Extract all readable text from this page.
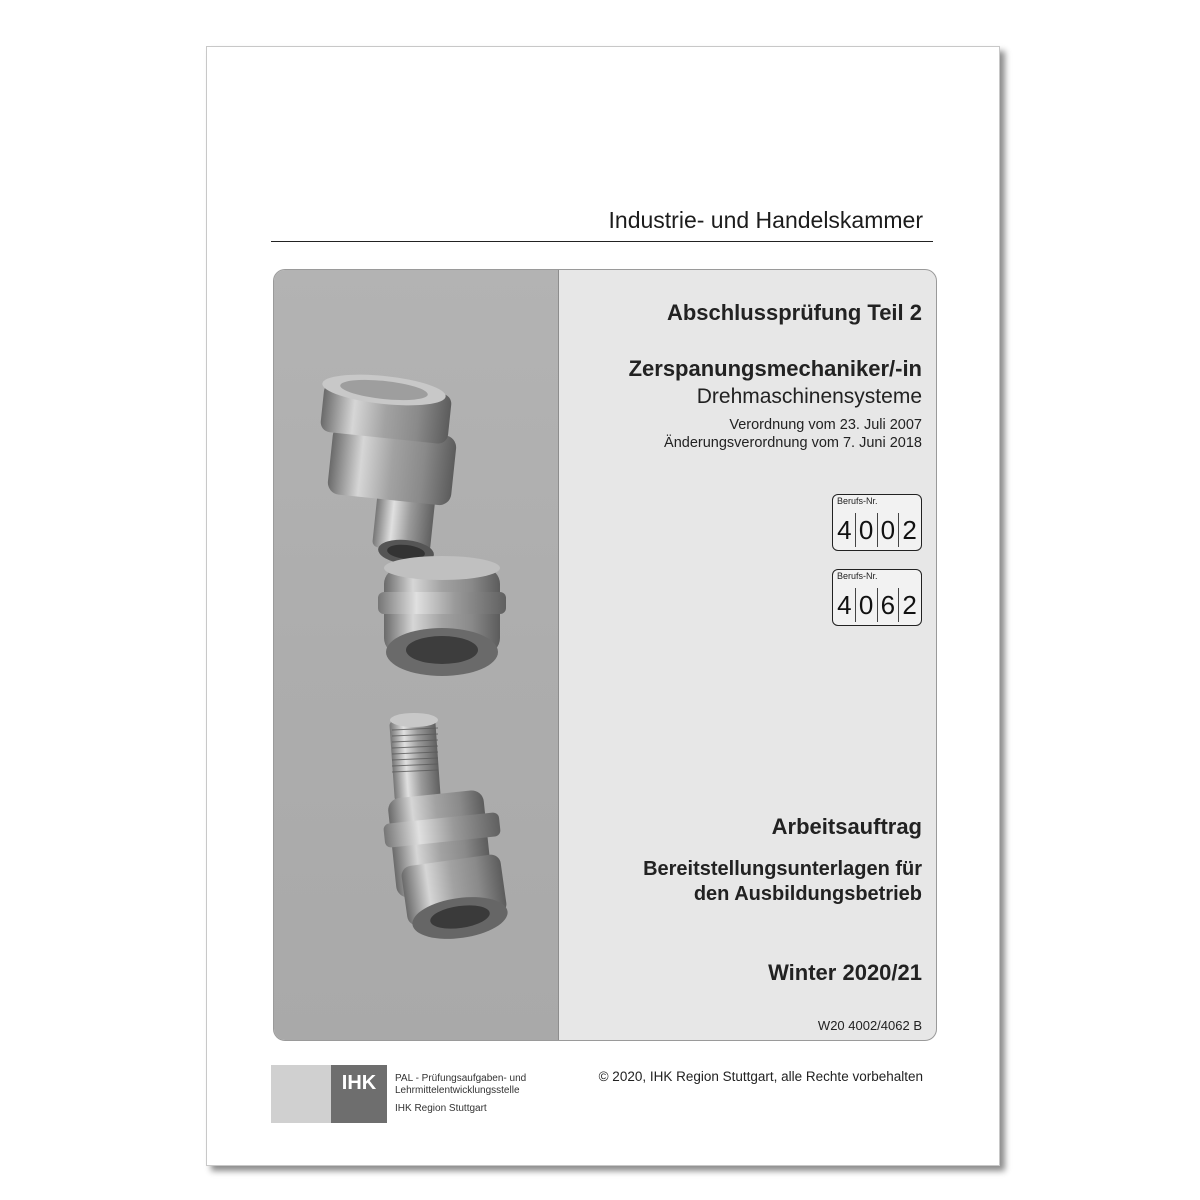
Industrie- und Handelskammer
Abschlussprüfung Teil 2
Zerspanungsmechaniker/-in
Drehmaschinensysteme
Verordnung vom 23. Juli 2007
Änderungsverordnung vom 7. Juni 2018
Berufs-Nr.
4 0 0 2
Berufs-Nr.
4 0 6 2
Arbeitsauftrag
Bereitstellungsunterlagen für
den Ausbildungsbetrieb
Winter 2020/21
W20 4002/4062 B
IHK	PAL - Prüfungsaufgaben- und
Lehrmittelentwicklungsstelle
IHK Region Stuttgart
© 2020, IHK Region Stuttgart, alle Rechte vorbehalten
